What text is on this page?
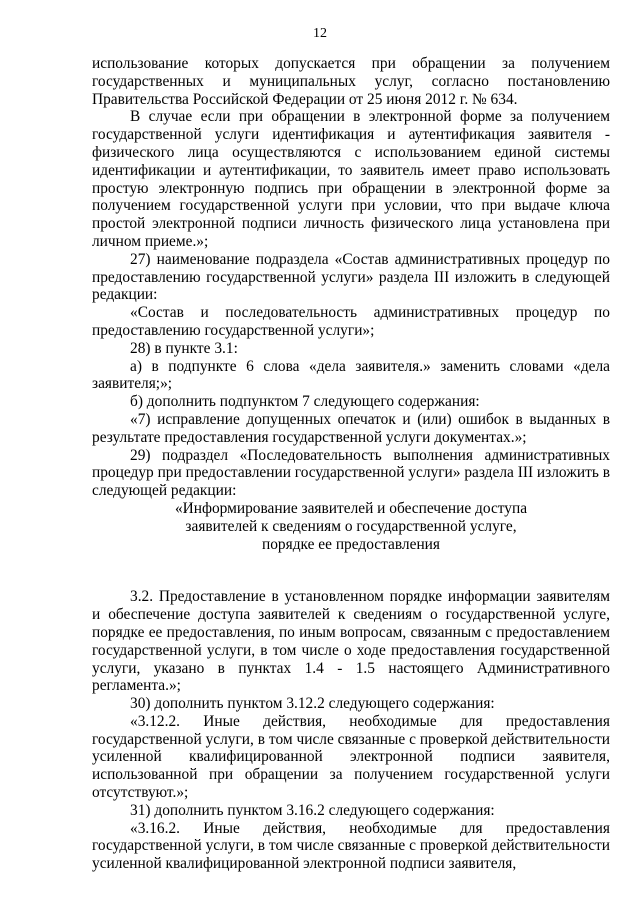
12

использование которых допускается при обращении за получением государственных и муниципальных услуг, согласно постановлению Правительства Российской Федерации от 25 июня 2012 г. № 634.

В случае если при обращении в электронной форме за получением государственной услуги идентификация и аутентификация заявителя - физического лица осуществляются с использованием единой системы идентификации и аутентификации, то заявитель имеет право использовать простую электронную подпись при обращении в электронной форме за получением государственной услуги при условии, что при выдаче ключа простой электронной подписи личность физического лица установлена при личном приеме.»;

27) наименование подраздела «Состав административных процедур по предоставлению государственной услуги» раздела III изложить в следующей редакции:

«Состав и последовательность административных процедур по предоставлению государственной услуги»;

28) в пункте 3.1:

а) в подпункте 6 слова «дела заявителя.» заменить словами «дела заявителя;»;

б) дополнить подпунктом 7 следующего содержания:

«7) исправление допущенных опечаток и (или) ошибок в выданных в результате предоставления государственной услуги документах.»;

29) подраздел «Последовательность выполнения административных процедур при предоставлении государственной услуги» раздела III изложить в следующей редакции:

«Информирование заявителей и обеспечение доступа

заявителей к сведениям о государственной услуге,

порядке ее предоставления

3.2. Предоставление в установленном порядке информации заявителям и обеспечение доступа заявителей к сведениям о государственной услуге, порядке ее предоставления, по иным вопросам, связанным с предоставлением государственной услуги, в том числе о ходе предоставления государственной услуги, указано в пунктах 1.4 - 1.5 настоящего Административного регламента.»;

30) дополнить пунктом 3.12.2 следующего содержания:

«3.12.2. Иные действия, необходимые для предоставления государственной услуги, в том числе связанные с проверкой действительности усиленной квалифицированной электронной подписи заявителя, использованной при обращении за получением государственной услуги отсутствуют.»;

31) дополнить пунктом 3.16.2 следующего содержания:

«3.16.2. Иные действия, необходимые для предоставления государственной услуги, в том числе связанные с проверкой действительности усиленной квалифицированной электронной подписи заявителя,
